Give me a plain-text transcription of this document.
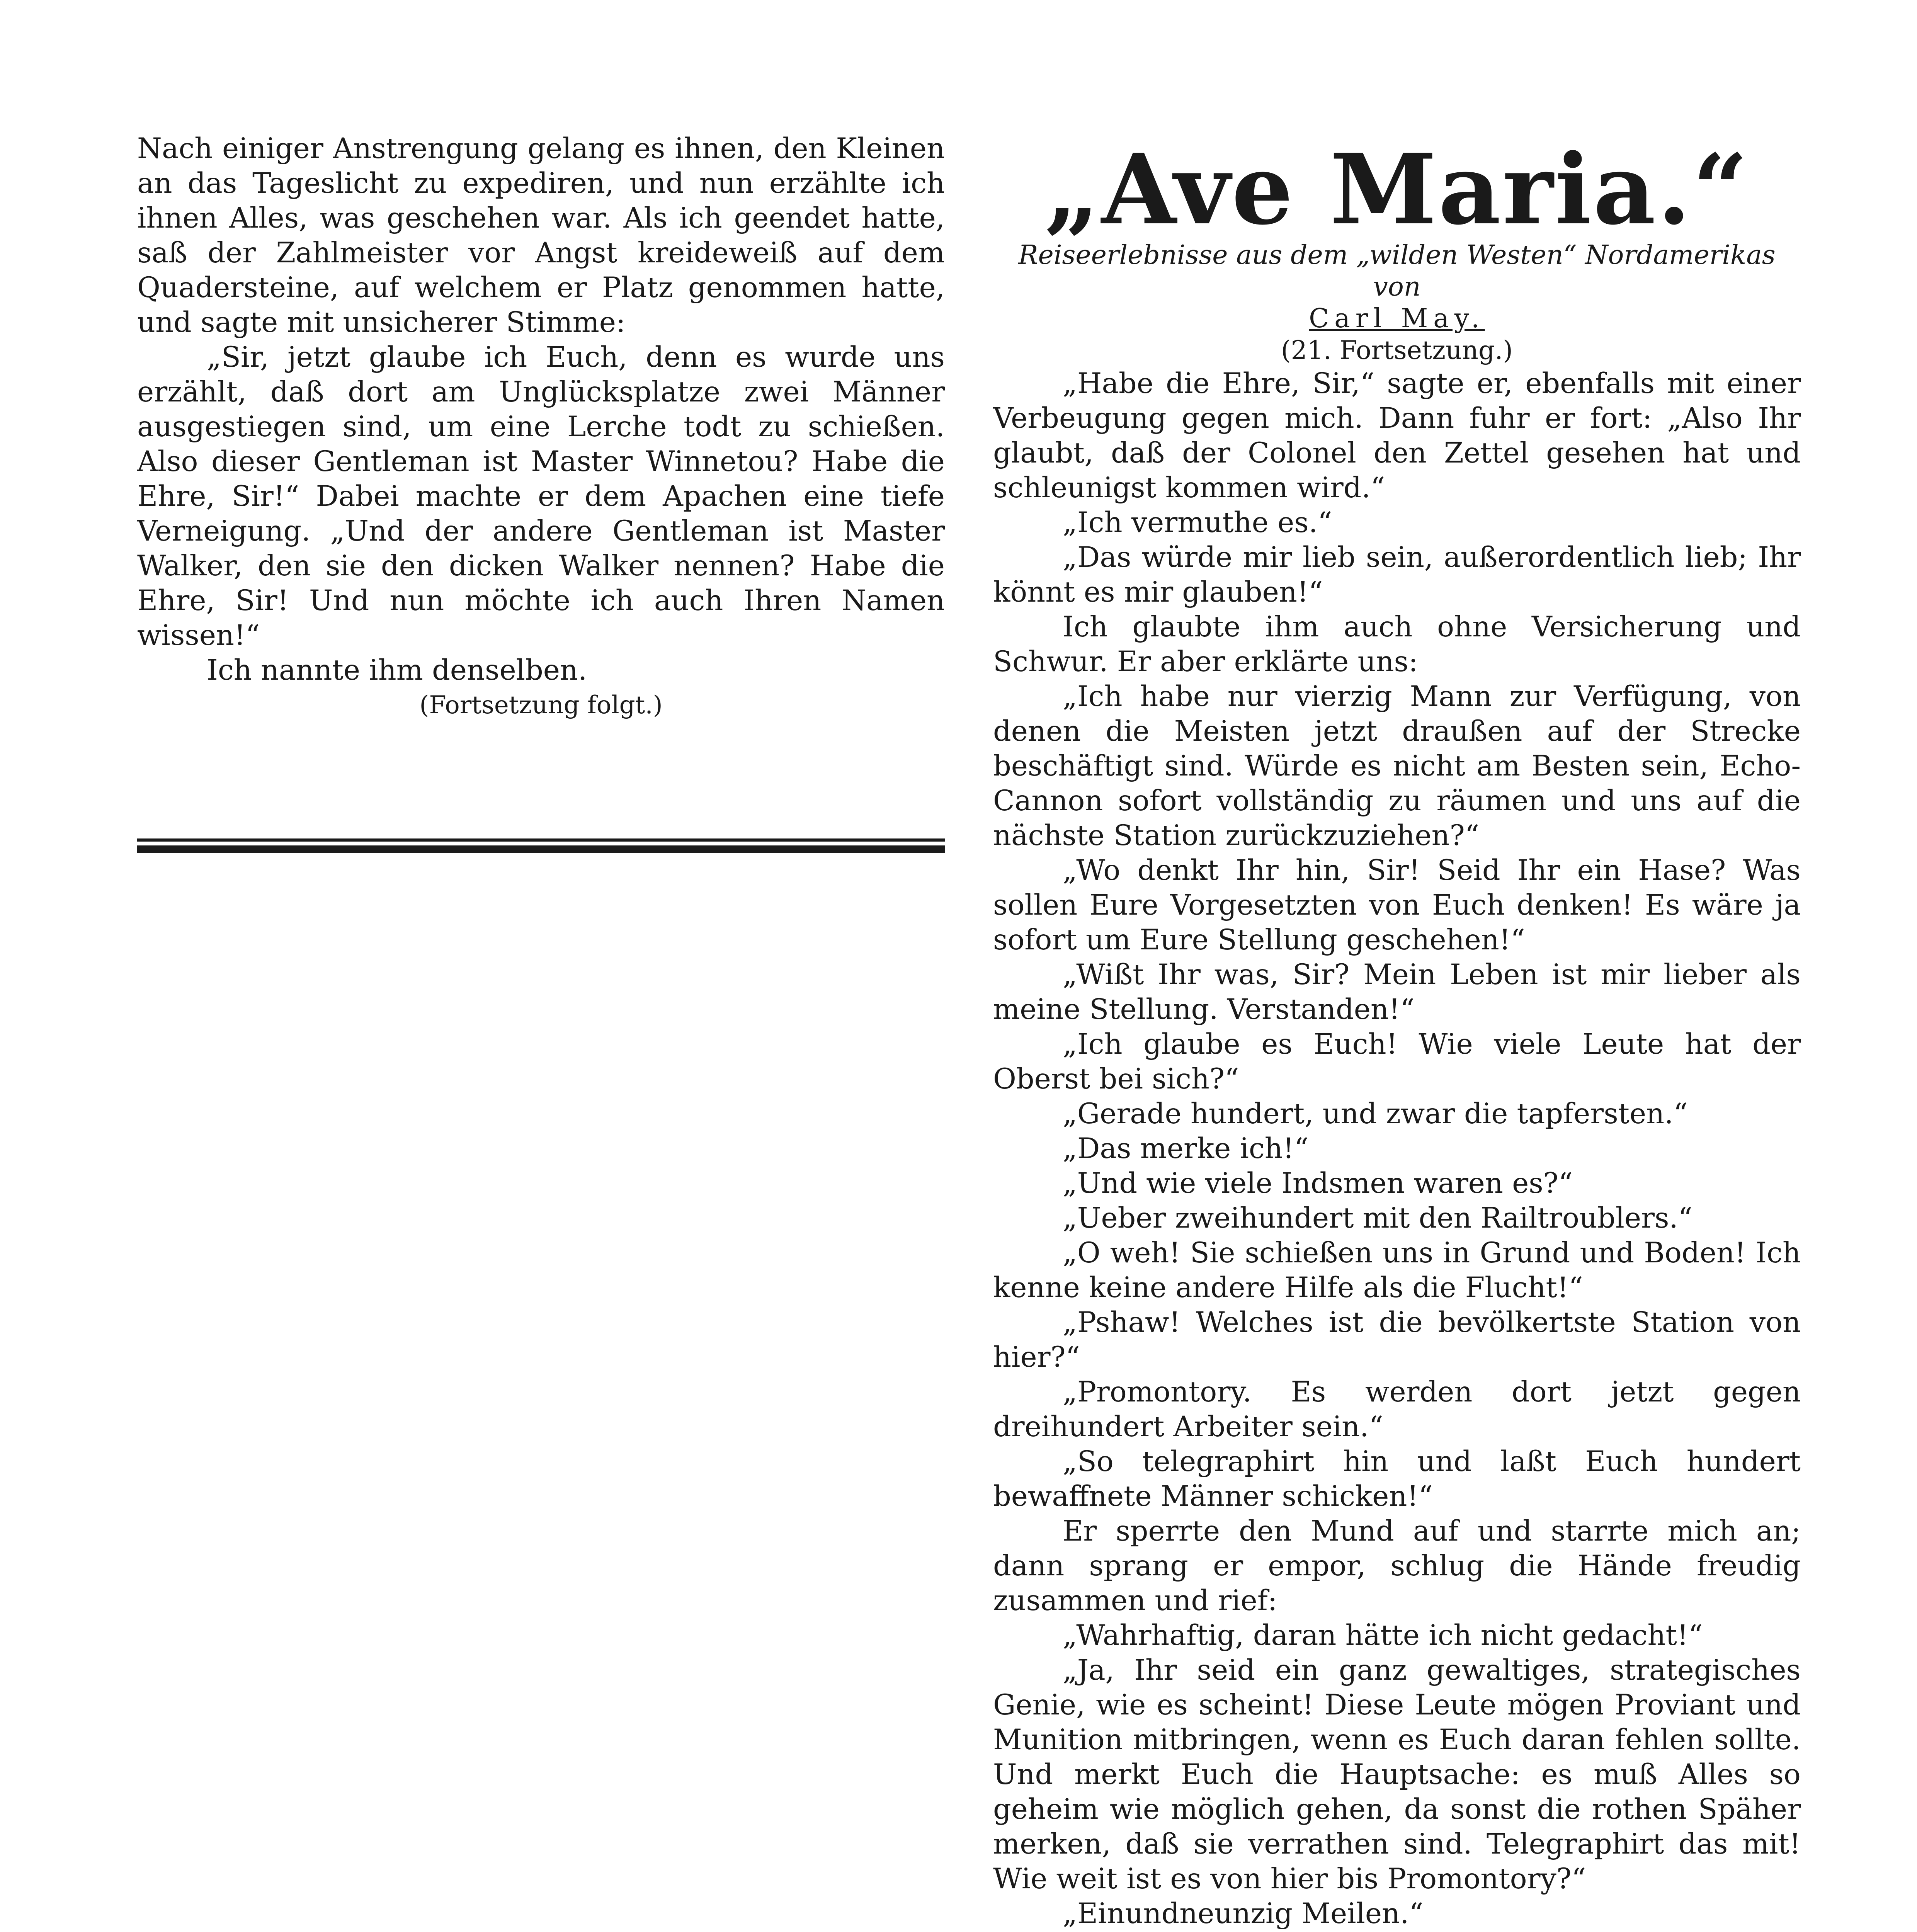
Nach einiger Anstrengung gelang es ihnen, den Kleinen an das Tageslicht zu expediren, und nun erzählte ich ihnen Alles, was geschehen war. Als ich geendet hatte, saß der Zahlmeister vor Angst kreideweiß auf dem Quadersteine, auf welchem er Platz genommen hatte, und sagte mit unsicherer Stimme:

„Sir, jetzt glaube ich Euch, denn es wurde uns erzählt, daß dort am Unglücksplatze zwei Männer ausgestiegen sind, um eine Lerche todt zu schießen. Also dieser Gentleman ist Master Winnetou? Habe die Ehre, Sir!“ Dabei machte er dem Apachen eine tiefe Verneigung. „Und der andere Gentleman ist Master Walker, den sie den dicken Walker nennen? Habe die Ehre, Sir! Und nun möchte ich auch Ihren Namen wissen!“

Ich nannte ihm denselben.

(Fortsetzung folgt.)

„Ave Maria.“

Reiseerlebnisse aus dem „wilden Westen“ Nordamerikas von

Carl May.

(21. Fortsetzung.)

„Habe die Ehre, Sir,“ sagte er, ebenfalls mit einer Verbeugung gegen mich. Dann fuhr er fort: „Also Ihr glaubt, daß der Colonel den Zettel gesehen hat und schleunigst kommen wird.“

„Ich vermuthe es.“

„Das würde mir lieb sein, außerordentlich lieb; Ihr könnt es mir glauben!“

Ich glaubte ihm auch ohne Versicherung und Schwur. Er aber erklärte uns:

„Ich habe nur vierzig Mann zur Verfügung, von denen die Meisten jetzt draußen auf der Strecke beschäftigt sind. Würde es nicht am Besten sein, Echo-Cannon sofort vollständig zu räumen und uns auf die nächste Station zurückzuziehen?“

„Wo denkt Ihr hin, Sir! Seid Ihr ein Hase? Was sollen Eure Vorgesetzten von Euch denken! Es wäre ja sofort um Eure Stellung geschehen!“

„Wißt Ihr was, Sir? Mein Leben ist mir lieber als meine Stellung. Verstanden!“

„Ich glaube es Euch! Wie viele Leute hat der Oberst bei sich?“

„Gerade hundert, und zwar die tapfersten.“

„Das merke ich!“

„Und wie viele Indsmen waren es?“

„Ueber zweihundert mit den Railtroublers.“

„O weh! Sie schießen uns in Grund und Boden! Ich kenne keine andere Hilfe als die Flucht!“

„Pshaw! Welches ist die bevölkertste Station von hier?“

„Promontory. Es werden dort jetzt gegen dreihundert Arbeiter sein.“

„So telegraphirt hin und laßt Euch hundert bewaffnete Männer schicken!“

Er sperrte den Mund auf und starrte mich an; dann sprang er empor, schlug die Hände freudig zusammen und rief:

„Wahrhaftig, daran hätte ich nicht gedacht!“

„Ja, Ihr seid ein ganz gewaltiges, strategisches Genie, wie es scheint! Diese Leute mögen Proviant und Munition mitbringen, wenn es Euch daran fehlen sollte. Und merkt Euch die Hauptsache: es muß Alles so geheim wie möglich gehen, da sonst die rothen Späher merken, daß sie verrathen sind. Telegraphirt das mit! Wie weit ist es von hier bis Promontory?“

„Einundneunzig Meilen.“
